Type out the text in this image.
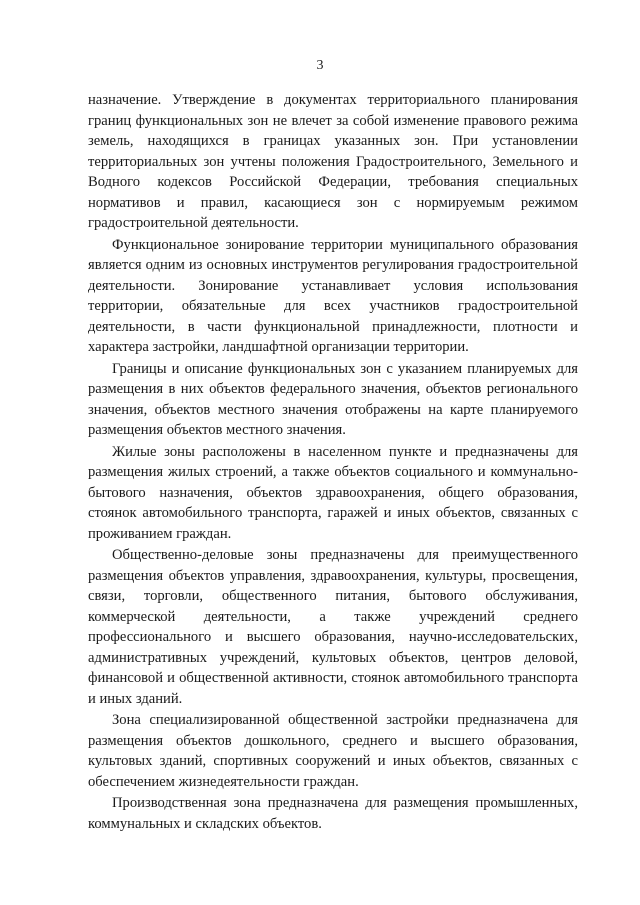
3

назначение. Утверждение в документах территориального планирования границ функциональных зон не влечет за собой изменение правового режима земель, находящихся в границах указанных зон. При установлении территориальных зон учтены положения Градостроительного, Земельного и Водного кодексов Российской Федерации, требования специальных нормативов и правил, касающиеся зон с нормируемым режимом градостроительной деятельности.

Функциональное зонирование территории муниципального образования является одним из основных инструментов регулирования градостроительной деятельности. Зонирование устанавливает условия использования территории, обязательные для всех участников градостроительной деятельности, в части функциональной принадлежности, плотности и характера застройки, ландшафтной организации территории.

Границы и описание функциональных зон с указанием планируемых для размещения в них объектов федерального значения, объектов регионального значения, объектов местного значения отображены на карте планируемого размещения объектов местного значения.

Жилые зоны расположены в населенном пункте и предназначены для размещения жилых строений, а также объектов социального и коммунально-бытового назначения, объектов здравоохранения, общего образования, стоянок автомобильного транспорта, гаражей и иных объектов, связанных с проживанием граждан.

Общественно-деловые зоны предназначены для преимущественного размещения объектов управления, здравоохранения, культуры, просвещения, связи, торговли, общественного питания, бытового обслуживания, коммерческой деятельности, а также учреждений среднего профессионального и высшего образования, научно-исследовательских, административных учреждений, культовых объектов, центров деловой, финансовой и общественной активности, стоянок автомобильного транспорта и иных зданий.

Зона специализированной общественной застройки предназначена для размещения объектов дошкольного, среднего и высшего образования, культовых зданий, спортивных сооружений и иных объектов, связанных с обеспечением жизнедеятельности граждан.

Производственная зона предназначена для размещения промышленных, коммунальных и складских объектов.
